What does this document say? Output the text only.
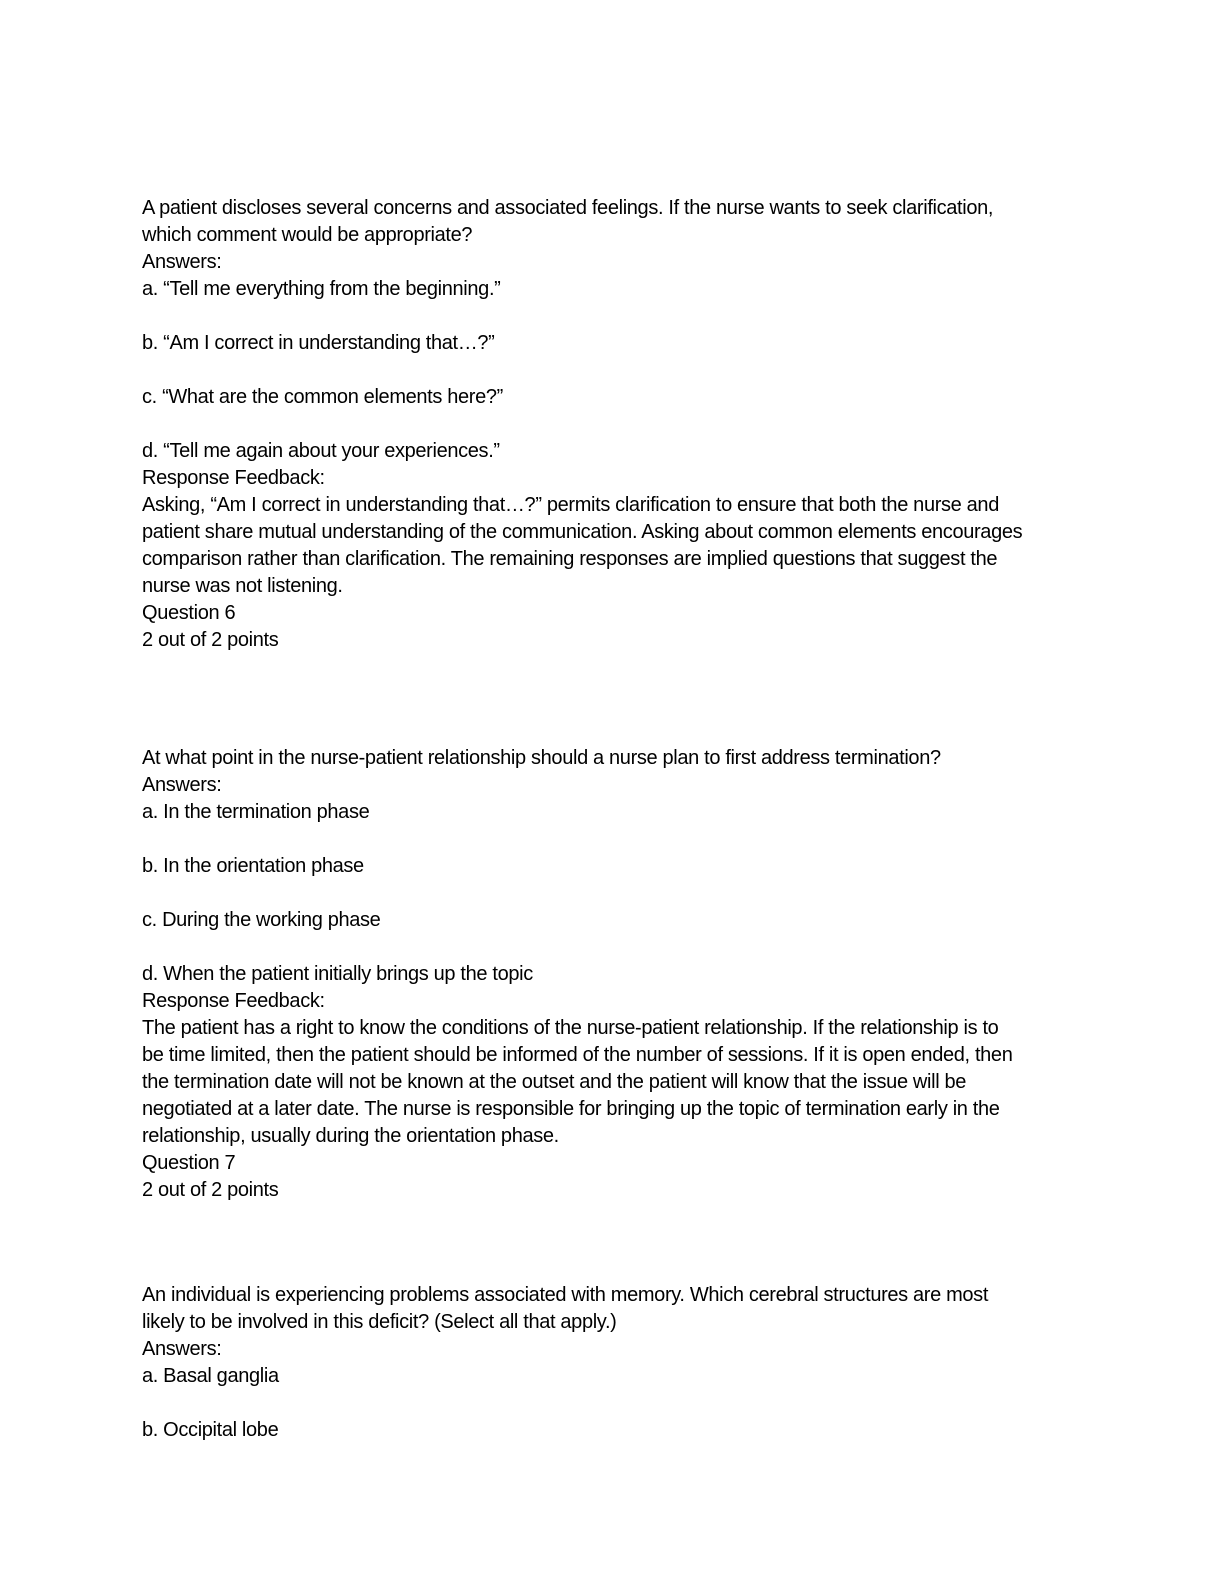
A patient discloses several concerns and associated feelings. If the nurse wants to seek clarification,
which comment would be appropriate?
Answers:
a. “Tell me everything from the beginning.”
b. “Am I correct in understanding that…?”
c. “What are the common elements here?”
d. “Tell me again about your experiences.”
Response Feedback:
Asking, “Am I correct in understanding that…?” permits clarification to ensure that both the nurse and
patient share mutual understanding of the communication. Asking about common elements encourages
comparison rather than clarification. The remaining responses are implied questions that suggest the
nurse was not listening.
Question 6
2 out of 2 points
At what point in the nurse-patient relationship should a nurse plan to first address termination?
Answers:
a. In the termination phase
b. In the orientation phase
c. During the working phase
d. When the patient initially brings up the topic
Response Feedback:
The patient has a right to know the conditions of the nurse-patient relationship. If the relationship is to
be time limited, then the patient should be informed of the number of sessions. If it is open ended, then
the termination date will not be known at the outset and the patient will know that the issue will be
negotiated at a later date. The nurse is responsible for bringing up the topic of termination early in the
relationship, usually during the orientation phase.
Question 7
2 out of 2 points
An individual is experiencing problems associated with memory. Which cerebral structures are most
likely to be involved in this deficit? (Select all that apply.)
Answers:
a. Basal ganglia
b. Occipital lobe
